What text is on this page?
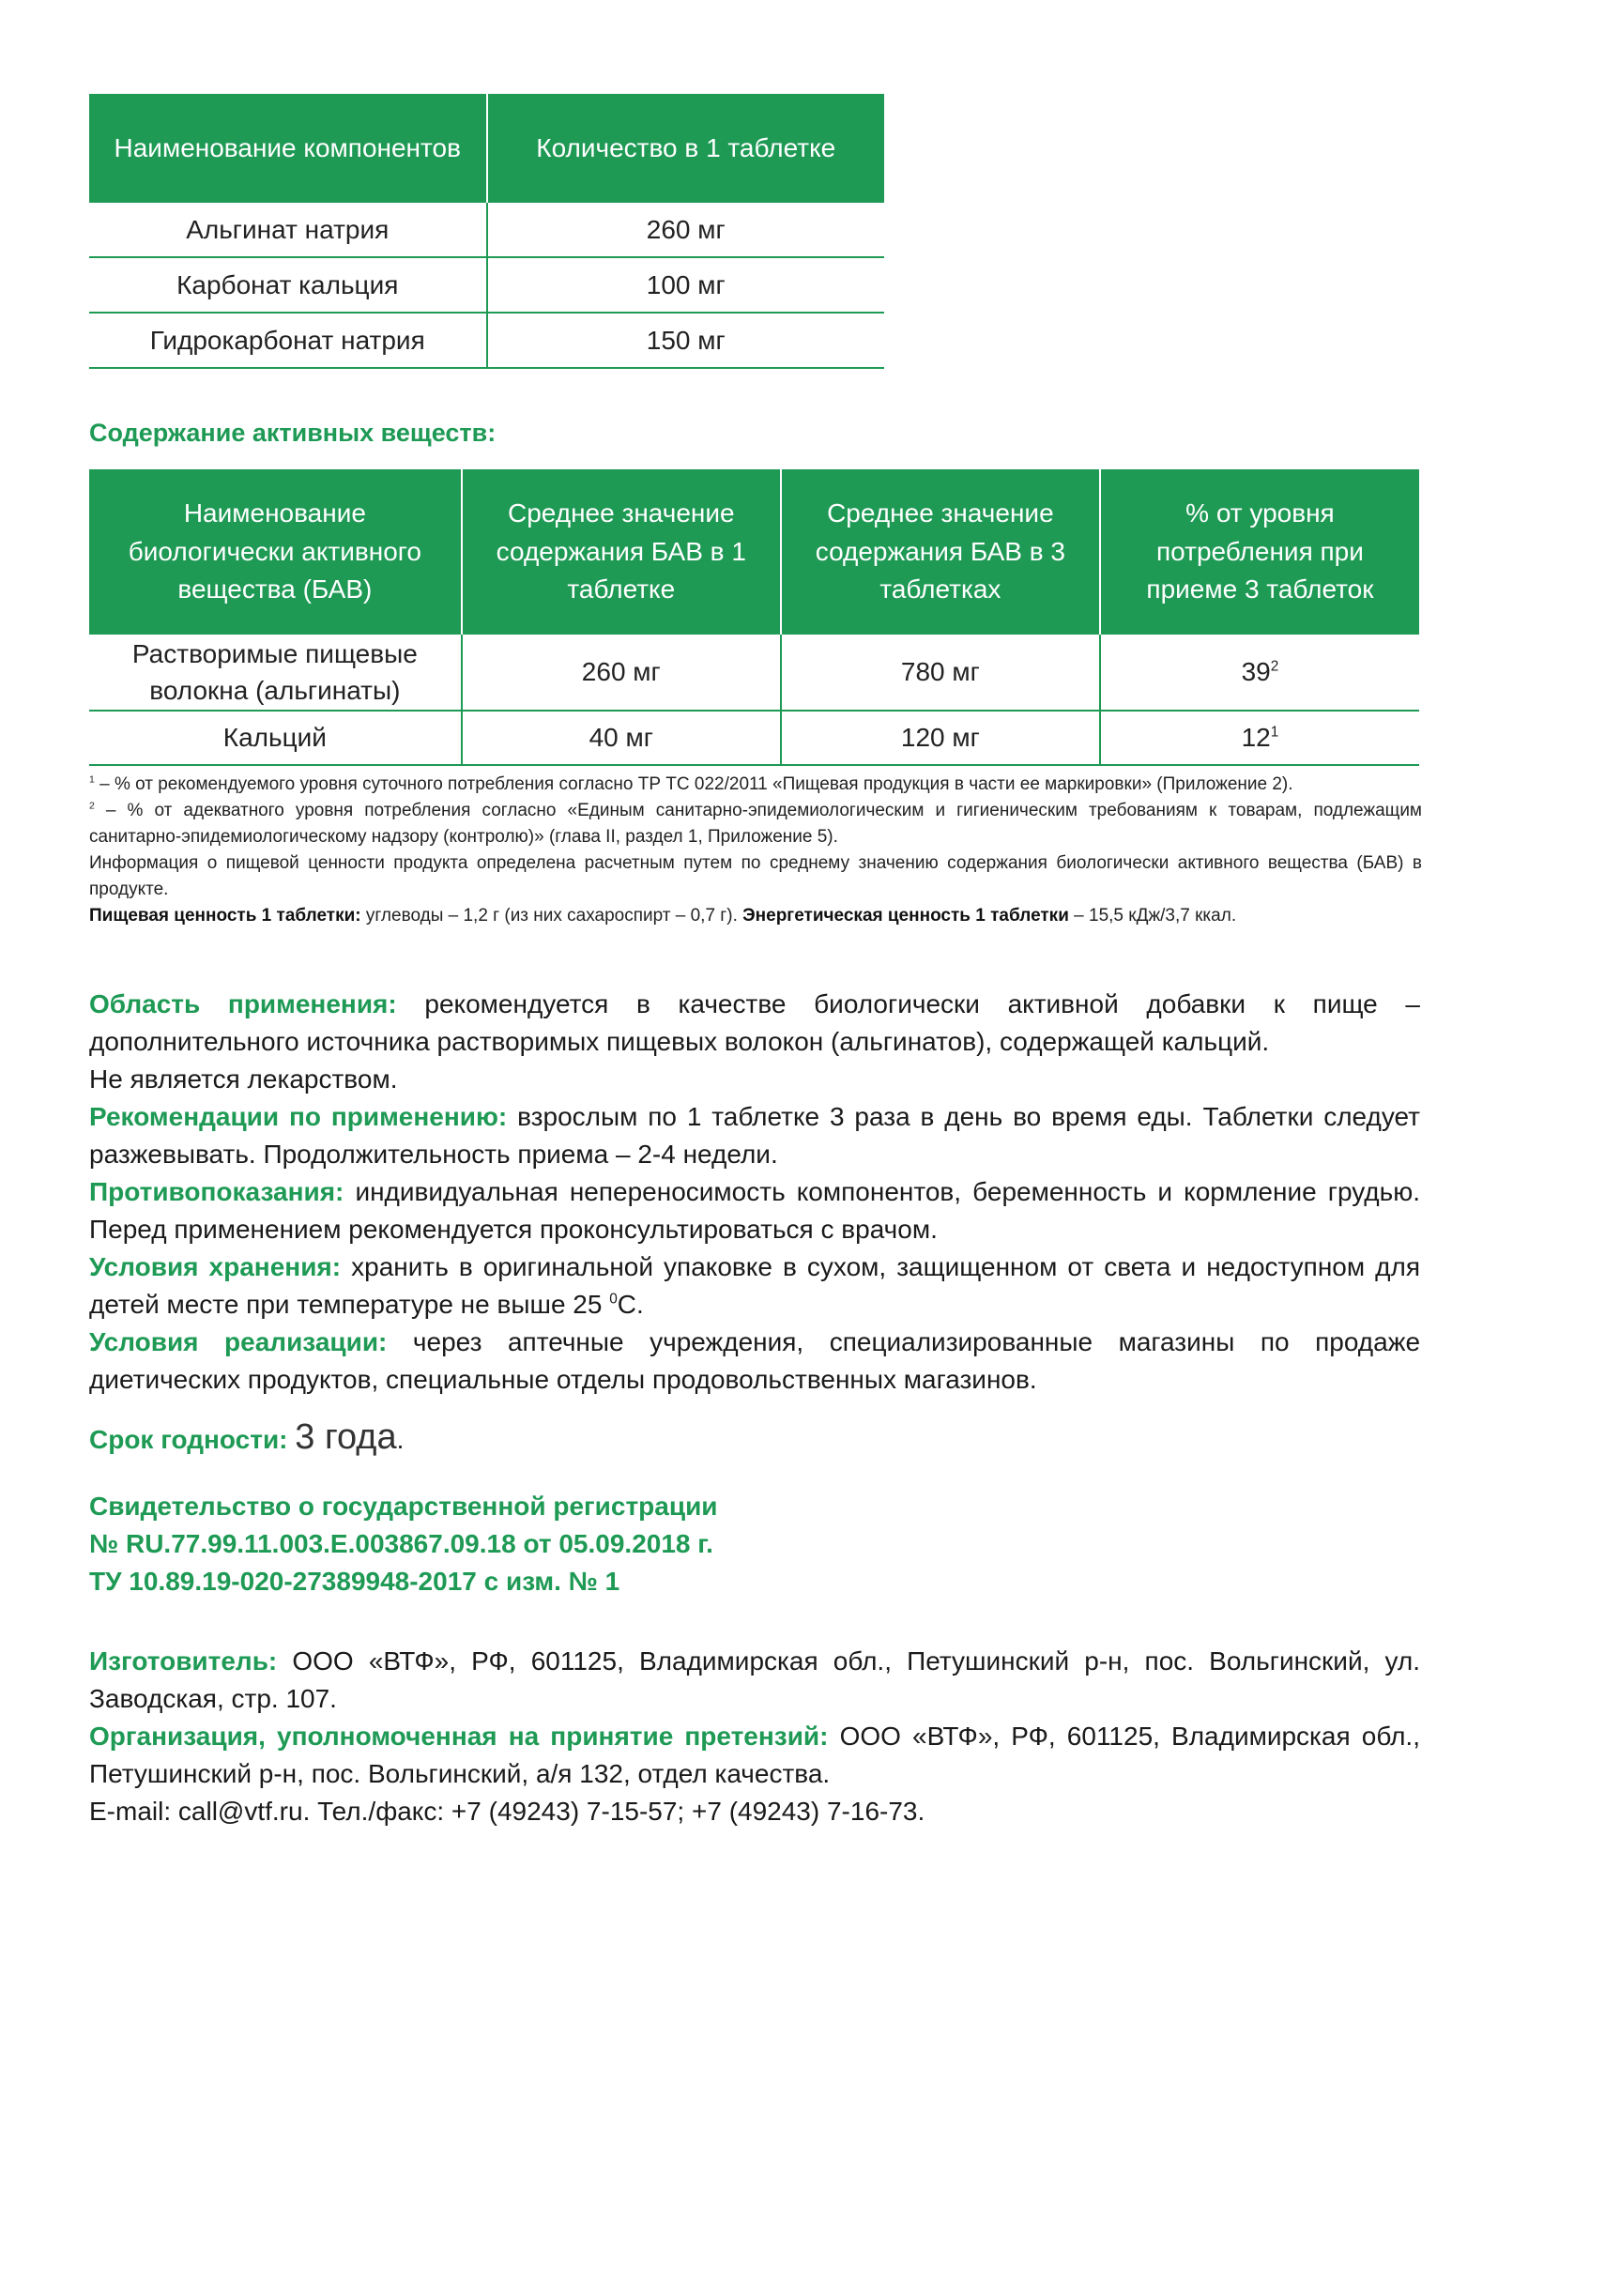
Наименование компонентов	Количество в 1 таблетке
Альгинат натрия	260 мг
Карбонат кальция	100 мг
Гидрокарбонат натрия	150 мг
Содержание активных веществ:
Наименование биологически активного вещества (БАВ)	Среднее значение содержания БАВ в 1 таблетке	Среднее значение содержания БАВ в 3 таблетках	% от уровня потребления при приеме 3 таблеток
Растворимые пищевые волокна (альгинаты)	260 мг	780 мг	$39^2$
Кальций	40 мг	120 мг	$12^1$

$^1$ – % от рекомендуемого уровня суточного потребления согласно ТР ТС 022/2011 «Пищевая продукция в части ее маркировки» (Приложение 2).

$^2$ – % от адекватного уровня потребления согласно «Единым санитарно-эпидемиологическим и гигиеническим требованиям к товарам, подлежащим санитарно-эпидемиологическому надзору (контролю)» (глава II, раздел 1, Приложение 5).

Информация о пищевой ценности продукта определена расчетным путем по среднему значению содержания биологически активного вещества (БАВ) в продукте.

Пищевая ценность 1 таблетки: углеводы – 1,2 г (из них сахароспирт – 0,7 г). Энергетическая ценность 1 таблетки – 15,5 кДж/3,7 ккал.

Область применения: рекомендуется в качестве биологически активной добавки к пище – дополнительного источника растворимых пищевых волокон (альгинатов), содержащей кальций.

Не является лекарством.

Рекомендации по применению: взрослым по 1 таблетке 3 раза в день во время еды. Таблетки следует разжевывать. Продолжительность приема – 2-4 недели.

Противопоказания: индивидуальная непереносимость компонентов, беременность и кормление грудью. Перед применением рекомендуется проконсультироваться с врачом.

Условия хранения: хранить в оригинальной упаковке в сухом, защищенном от света и недоступном для детей месте при температуре не выше 25 $^0$С.

Условия реализации: через аптечные учреждения, специализированные магазины по продаже диетических продуктов, специальные отделы продовольственных магазинов.

Срок годности: 3 года.
Свидетельство о государственной регистрации
№ RU.77.99.11.003.Е.003867.09.18 от 05.09.2018 г.
ТУ 10.89.19-020-27389948-2017 с изм. № 1

Изготовитель: ООО «ВТФ», РФ, 601125, Владимирская обл., Петушинский р-н, пос. Вольгинский, ул. Заводская, стр. 107.

Организация, уполномоченная на принятие претензий: ООО «ВТФ», РФ, 601125, Владимирская обл., Петушинский р-н, пос. Вольгинский, а/я 132, отдел качества.

E-mail: call@vtf.ru. Тел./факс: +7 (49243) 7-15-57; +7 (49243) 7-16-73.
